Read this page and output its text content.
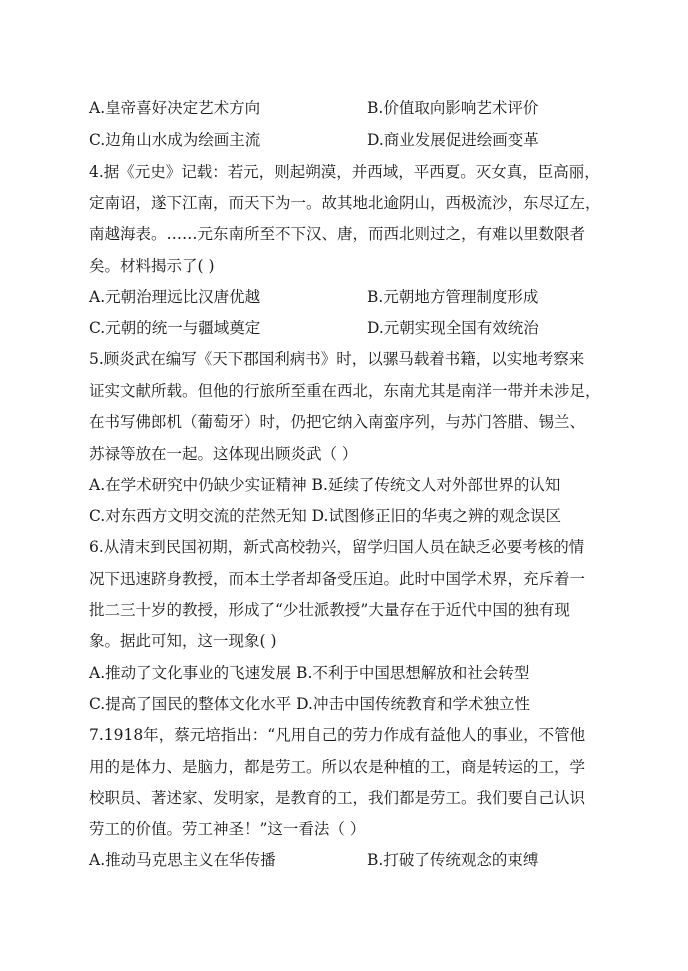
A.皇帝喜好决定艺术方向	B.价值取向影响艺术评价
C.边角山水成为绘画主流	D.商业发展促进绘画变革
4.据《元史》记载：若元，则起朔漠，并西域，平西夏。灭女真，臣高丽，
定南诏，遂下江南，而天下为一。故其地北逾阴山，西极流沙，东尽辽左，
南越海表。……元东南所至不下汉、唐，而西北则过之，有难以里数限者
矣。材料揭示了( )
A.元朝治理远比汉唐优越	B.元朝地方管理制度形成
C.元朝的统一与疆域奠定	D.元朝实现全国有效统治
5.顾炎武在编写《天下郡国利病书》时，以骡马载着书籍，以实地考察来
证实文献所载。但他的行旅所至重在西北，东南尤其是南洋一带并未涉足，
在书写佛郎机（葡萄牙）时，仍把它纳入南蛮序列，与苏门答腊、锡兰、
苏禄等放在一起。这体现出顾炎武（ ）
A.在学术研究中仍缺少实证精神 B.延续了传统文人对外部世界的认知
C.对东西方文明交流的茫然无知 D.试图修正旧的华夷之辨的观念误区
6.从清末到民国初期，新式高校勃兴，留学归国人员在缺乏必要考核的情
况下迅速跻身教授，而本土学者却备受压迫。此时中国学术界，充斥着一
批二三十岁的教授，形成了“少壮派教授”大量存在于近代中国的独有现
象。据此可知，这一现象( )
A.推动了文化事业的飞速发展 B.不利于中国思想解放和社会转型
C.提高了国民的整体文化水平 D.冲击中国传统教育和学术独立性
7.1918年，蔡元培指出：“凡用自己的劳力作成有益他人的事业，不管他
用的是体力、是脑力，都是劳工。所以农是种植的工，商是转运的工，学
校职员、著述家、发明家，是教育的工，我们都是劳工。我们要自己认识
劳工的价值。劳工神圣！”这一看法（ ）
A.推动马克思主义在华传播	B.打破了传统观念的束缚
